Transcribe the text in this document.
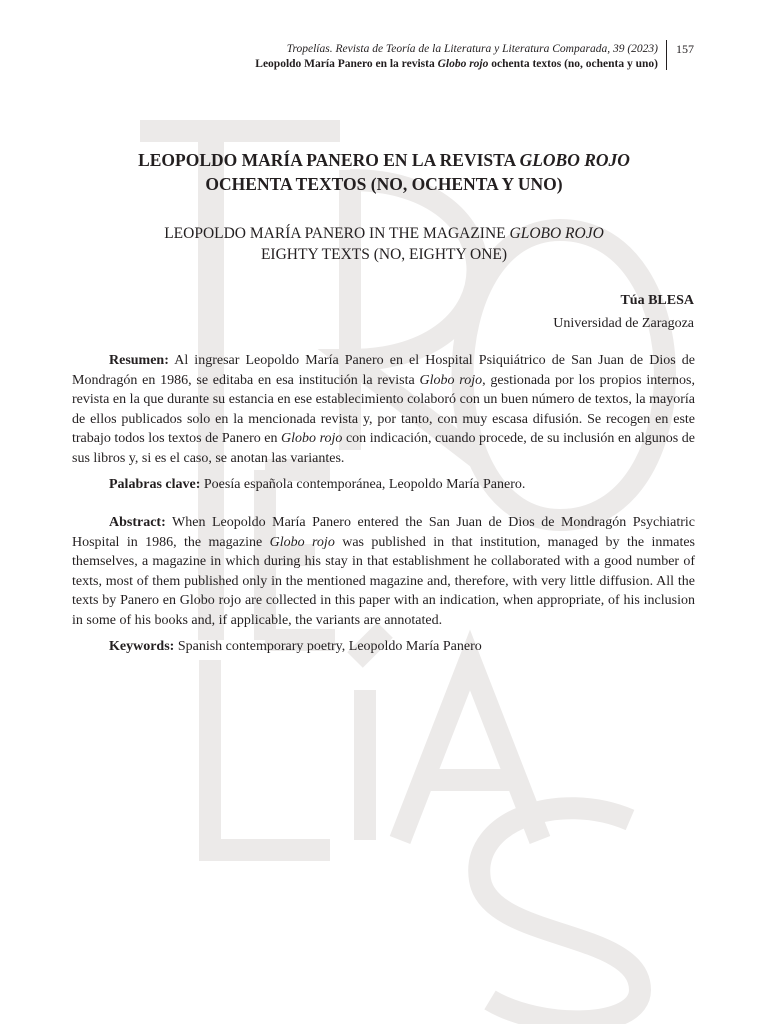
Tropelías. Revista de Teoría de la Literatura y Literatura Comparada, 39 (2023)
Leopoldo María Panero en la revista Globo rojo ochenta textos (no, ochenta y uno)
157
LEOPOLDO MARÍA PANERO EN LA REVISTA GLOBO ROJO
OCHENTA TEXTOS (NO, OCHENTA Y UNO)
LEOPOLDO MARÍA PANERO IN THE MAGAZINE GLOBO ROJO
EIGHTY TEXTS (NO, EIGHTY ONE)
Túa BLESA
Universidad de Zaragoza

Resumen: Al ingresar Leopoldo María Panero en el Hospital Psiquiátrico de San Juan de Dios de Mondragón en 1986, se editaba en esa institución la revista Globo rojo, gestionada por los propios internos, revista en la que durante su estancia en ese establecimiento colaboró con un buen número de textos, la mayoría de ellos publicados solo en la mencionada revista y, por tanto, con muy escasa difusión. Se recogen en este trabajo todos los textos de Panero en Globo rojo con indicación, cuando procede, de su inclusión en algunos de sus libros y, si es el caso, se anotan las variantes.

Palabras clave: Poesía española contemporánea, Leopoldo María Panero.

Abstract: When Leopoldo María Panero entered the San Juan de Dios de Mondragón Psychiatric Hospital in 1986, the magazine Globo rojo was published in that institution, managed by the inmates themselves, a magazine in which during his stay in that establishment he collaborated with a good number of texts, most of them published only in the mentioned magazine and, therefore, with very little diffusion. All the texts by Panero en Globo rojo are collected in this paper with an indication, when appropriate, of his inclusion in some of his books and, if applicable, the variants are annotated.

Keywords: Spanish contemporary poetry, Leopoldo María Panero
